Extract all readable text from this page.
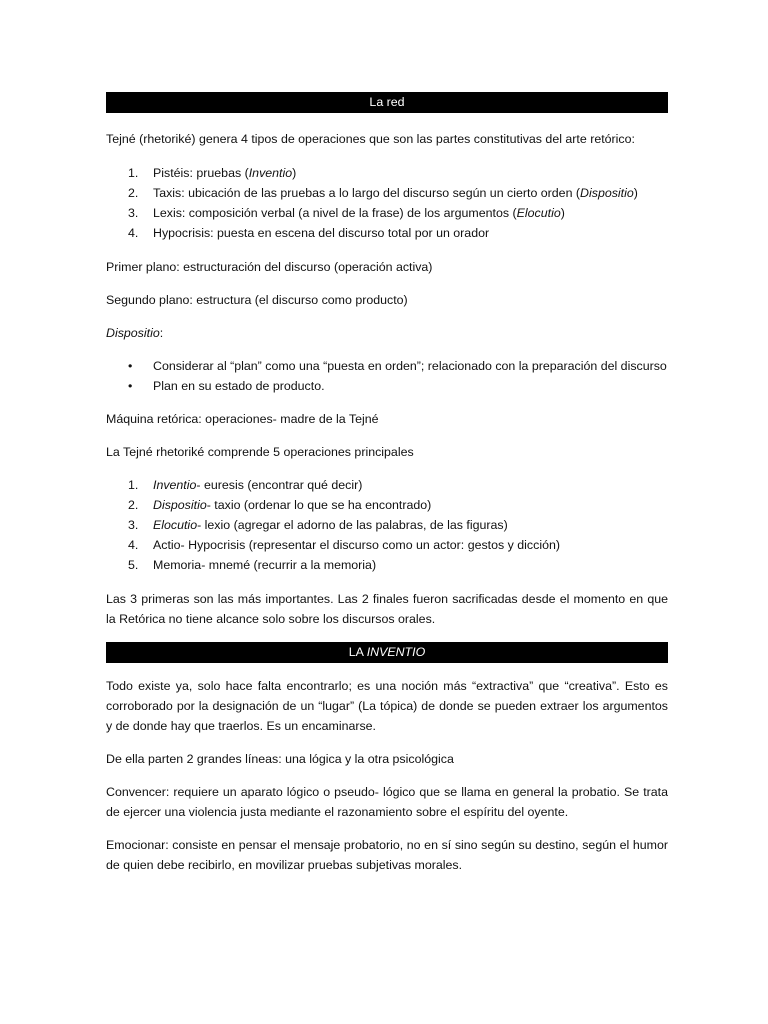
La red

Tejné (rhetoriké) genera 4 tipos de operaciones que son las partes constitutivas del arte retórico:

1. Pistéis: pruebas (Inventio)
2. Taxis: ubicación de las pruebas a lo largo del discurso según un cierto orden (Dispositio)
3. Lexis: composición verbal (a nivel de la frase) de los argumentos (Elocutio)
4. Hypocrisis: puesta en escena del discurso total por un orador

Primer plano: estructuración del discurso (operación activa)

Segundo plano: estructura (el discurso como producto)

Dispositio:

• Considerar al “plan” como una “puesta en orden”; relacionado con la preparación del discurso
• Plan en su estado de producto.

Máquina retórica: operaciones- madre de la Tejné

La Tejné rhetoriké comprende 5 operaciones principales

1. Inventio- euresis (encontrar qué decir)
2. Dispositio- taxio (ordenar lo que se ha encontrado)
3. Elocutio- lexio (agregar el adorno de las palabras, de las figuras)
4. Actio- Hypocrisis (representar el discurso como un actor: gestos y dicción)
5. Memoria- mnemé (recurrir a la memoria)

Las 3 primeras son las más importantes. Las 2 finales fueron sacrificadas desde el momento en que la Retórica no tiene alcance solo sobre los discursos orales.

LA INVENTIO

Todo existe ya, solo hace falta encontrarlo; es una noción más “extractiva” que “creativa”. Esto es corroborado por la designación de un “lugar” (La tópica) de donde se pueden extraer los argumentos y de donde hay que traerlos. Es un encaminarse.

De ella parten 2 grandes líneas: una lógica y la otra psicológica

Convencer: requiere un aparato lógico o pseudo- lógico que se llama en general la probatio. Se trata de ejercer una violencia justa mediante el razonamiento sobre el espíritu del oyente.

Emocionar: consiste en pensar el mensaje probatorio, no en sí sino según su destino, según el humor de quien debe recibirlo, en movilizar pruebas subjetivas morales.
